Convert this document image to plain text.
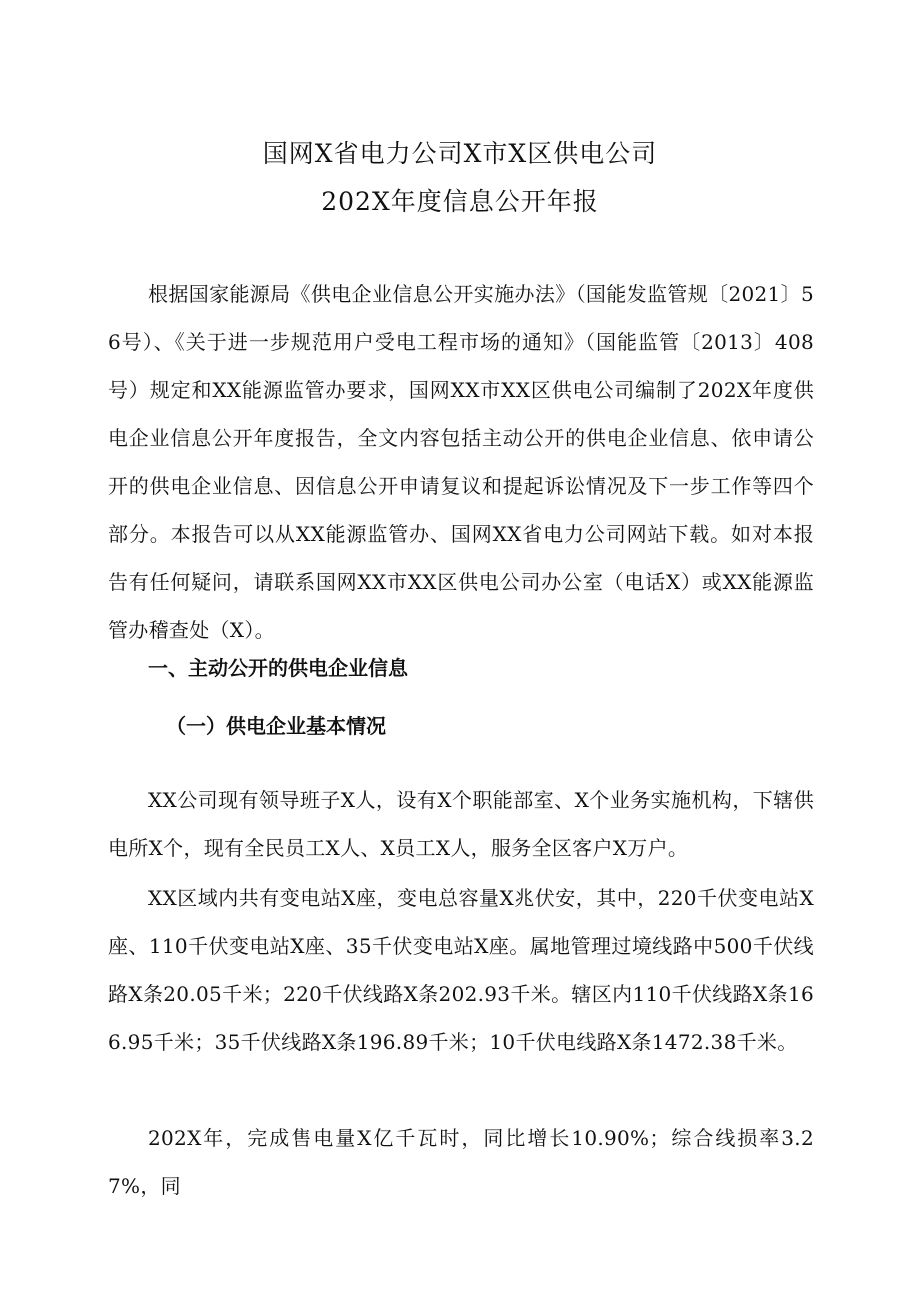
国网X省电力公司X市X区供电公司
202X年度信息公开年报

根据国家能源局《供电企业信息公开实施办法》（国能发监管规〔2021〕56号）、《关于进一步规范用户受电工程市场的通知》（国能监管〔2013〕408号）规定和XX能源监管办要求，国网XX市XX区供电公司编制了202X年度供电企业信息公开年度报告，全文内容包括主动公开的供电企业信息、依申请公开的供电企业信息、因信息公开申请复议和提起诉讼情况及下一步工作等四个部分。本报告可以从XX能源监管办、国网XX省电力公司网站下载。如对本报告有任何疑问，请联系国网XX市XX区供电公司办公室（电话X）或XX能源监管办稽查处（X）。

一、主动公开的供电企业信息
（一）供电企业基本情况

XX公司现有领导班子X人，设有X个职能部室、X个业务实施机构，下辖供电所X个，现有全民员工X人、X员工X人，服务全区客户X万户。

XX区域内共有变电站X座，变电总容量X兆伏安，其中，220千伏变电站X座、110千伏变电站X座、35千伏变电站X座。属地管理过境线路中500千伏线路X条20.05千米；220千伏线路X条202.93千米。辖区内110千伏线路X条166.95千米；35千伏线路X条196.89千米；10千伏电线路X条1472.38千米。

202X年，完成售电量X亿千瓦时，同比增长10.90%；综合线损率3.27%，同
